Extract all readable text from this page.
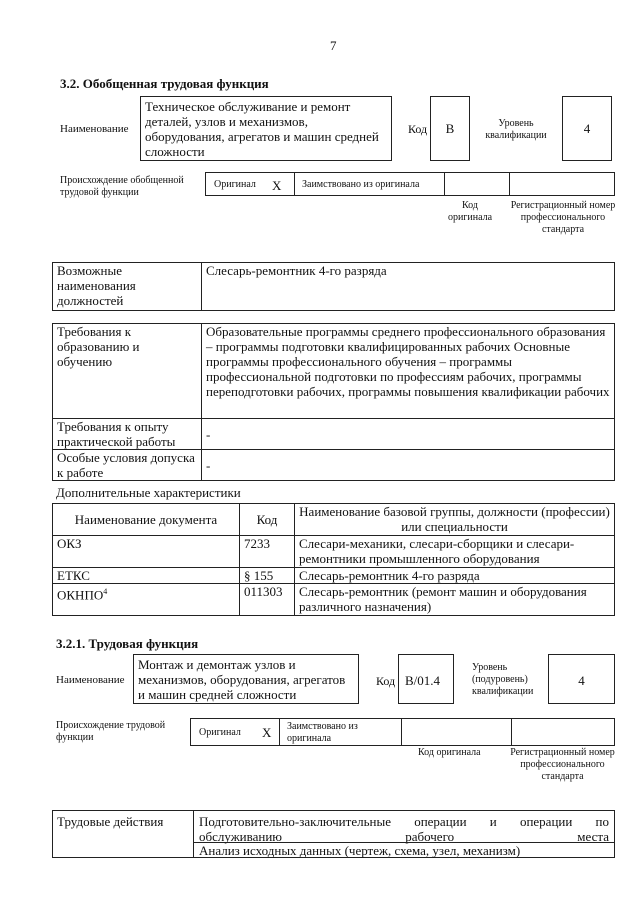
7
3.2. Обобщенная трудовая функция
Наименование
Техническое обслуживание и ремонт деталей, узлов и механизмов, оборудования, агрегатов и машин средней сложности
Код	В	Уровень квалификации	4
Происхождение обобщенной трудовой функции
Оригинал X Заимствовано из оригинала
Код оригинала
Регистрационный номер профессионального стандарта
Возможные наименования должностей	Слесарь-ремонтник 4-го разряда
Требования к образованию и обучению	Образовательные программы среднего профессионального образования – программы подготовки квалифицированных рабочих Основные программы профессионального обучения – программы профессиональной подготовки по профессиям рабочих, программы переподготовки рабочих, программы повышения квалификации рабочих
Требования к опыту практической работы	-
Особые условия допуска к работе	-
Дополнительные характеристики
Наименование документа	Код	Наименование базовой группы, должности (профессии) или специальности
ОКЗ	7233	Слесари-механики, слесари-сборщики и слесари-ремонтники промышленного оборудования
ЕТКС	§ 155	Слесарь-ремонтник 4-го разряда
ОКНПО$^4$	011303	Слесарь-ремонтник (ремонт машин и оборудования различного назначения)
3.2.1. Трудовая функция
Наименование
Монтаж и демонтаж узлов и механизмов, оборудования, агрегатов и машин средней сложности
Код B/01.4
Уровень (подуровень) квалификации
4
Происхождение трудовой функции	Оригинал X Заимствовано из оригинала
Код оригинала	Регистрационный номер профессионального стандарта
Трудовые действия	Подготовительно-заключительные операции и операции по обслуживанию рабочего места
Анализ исходных данных (чертеж, схема, узел, механизм)
